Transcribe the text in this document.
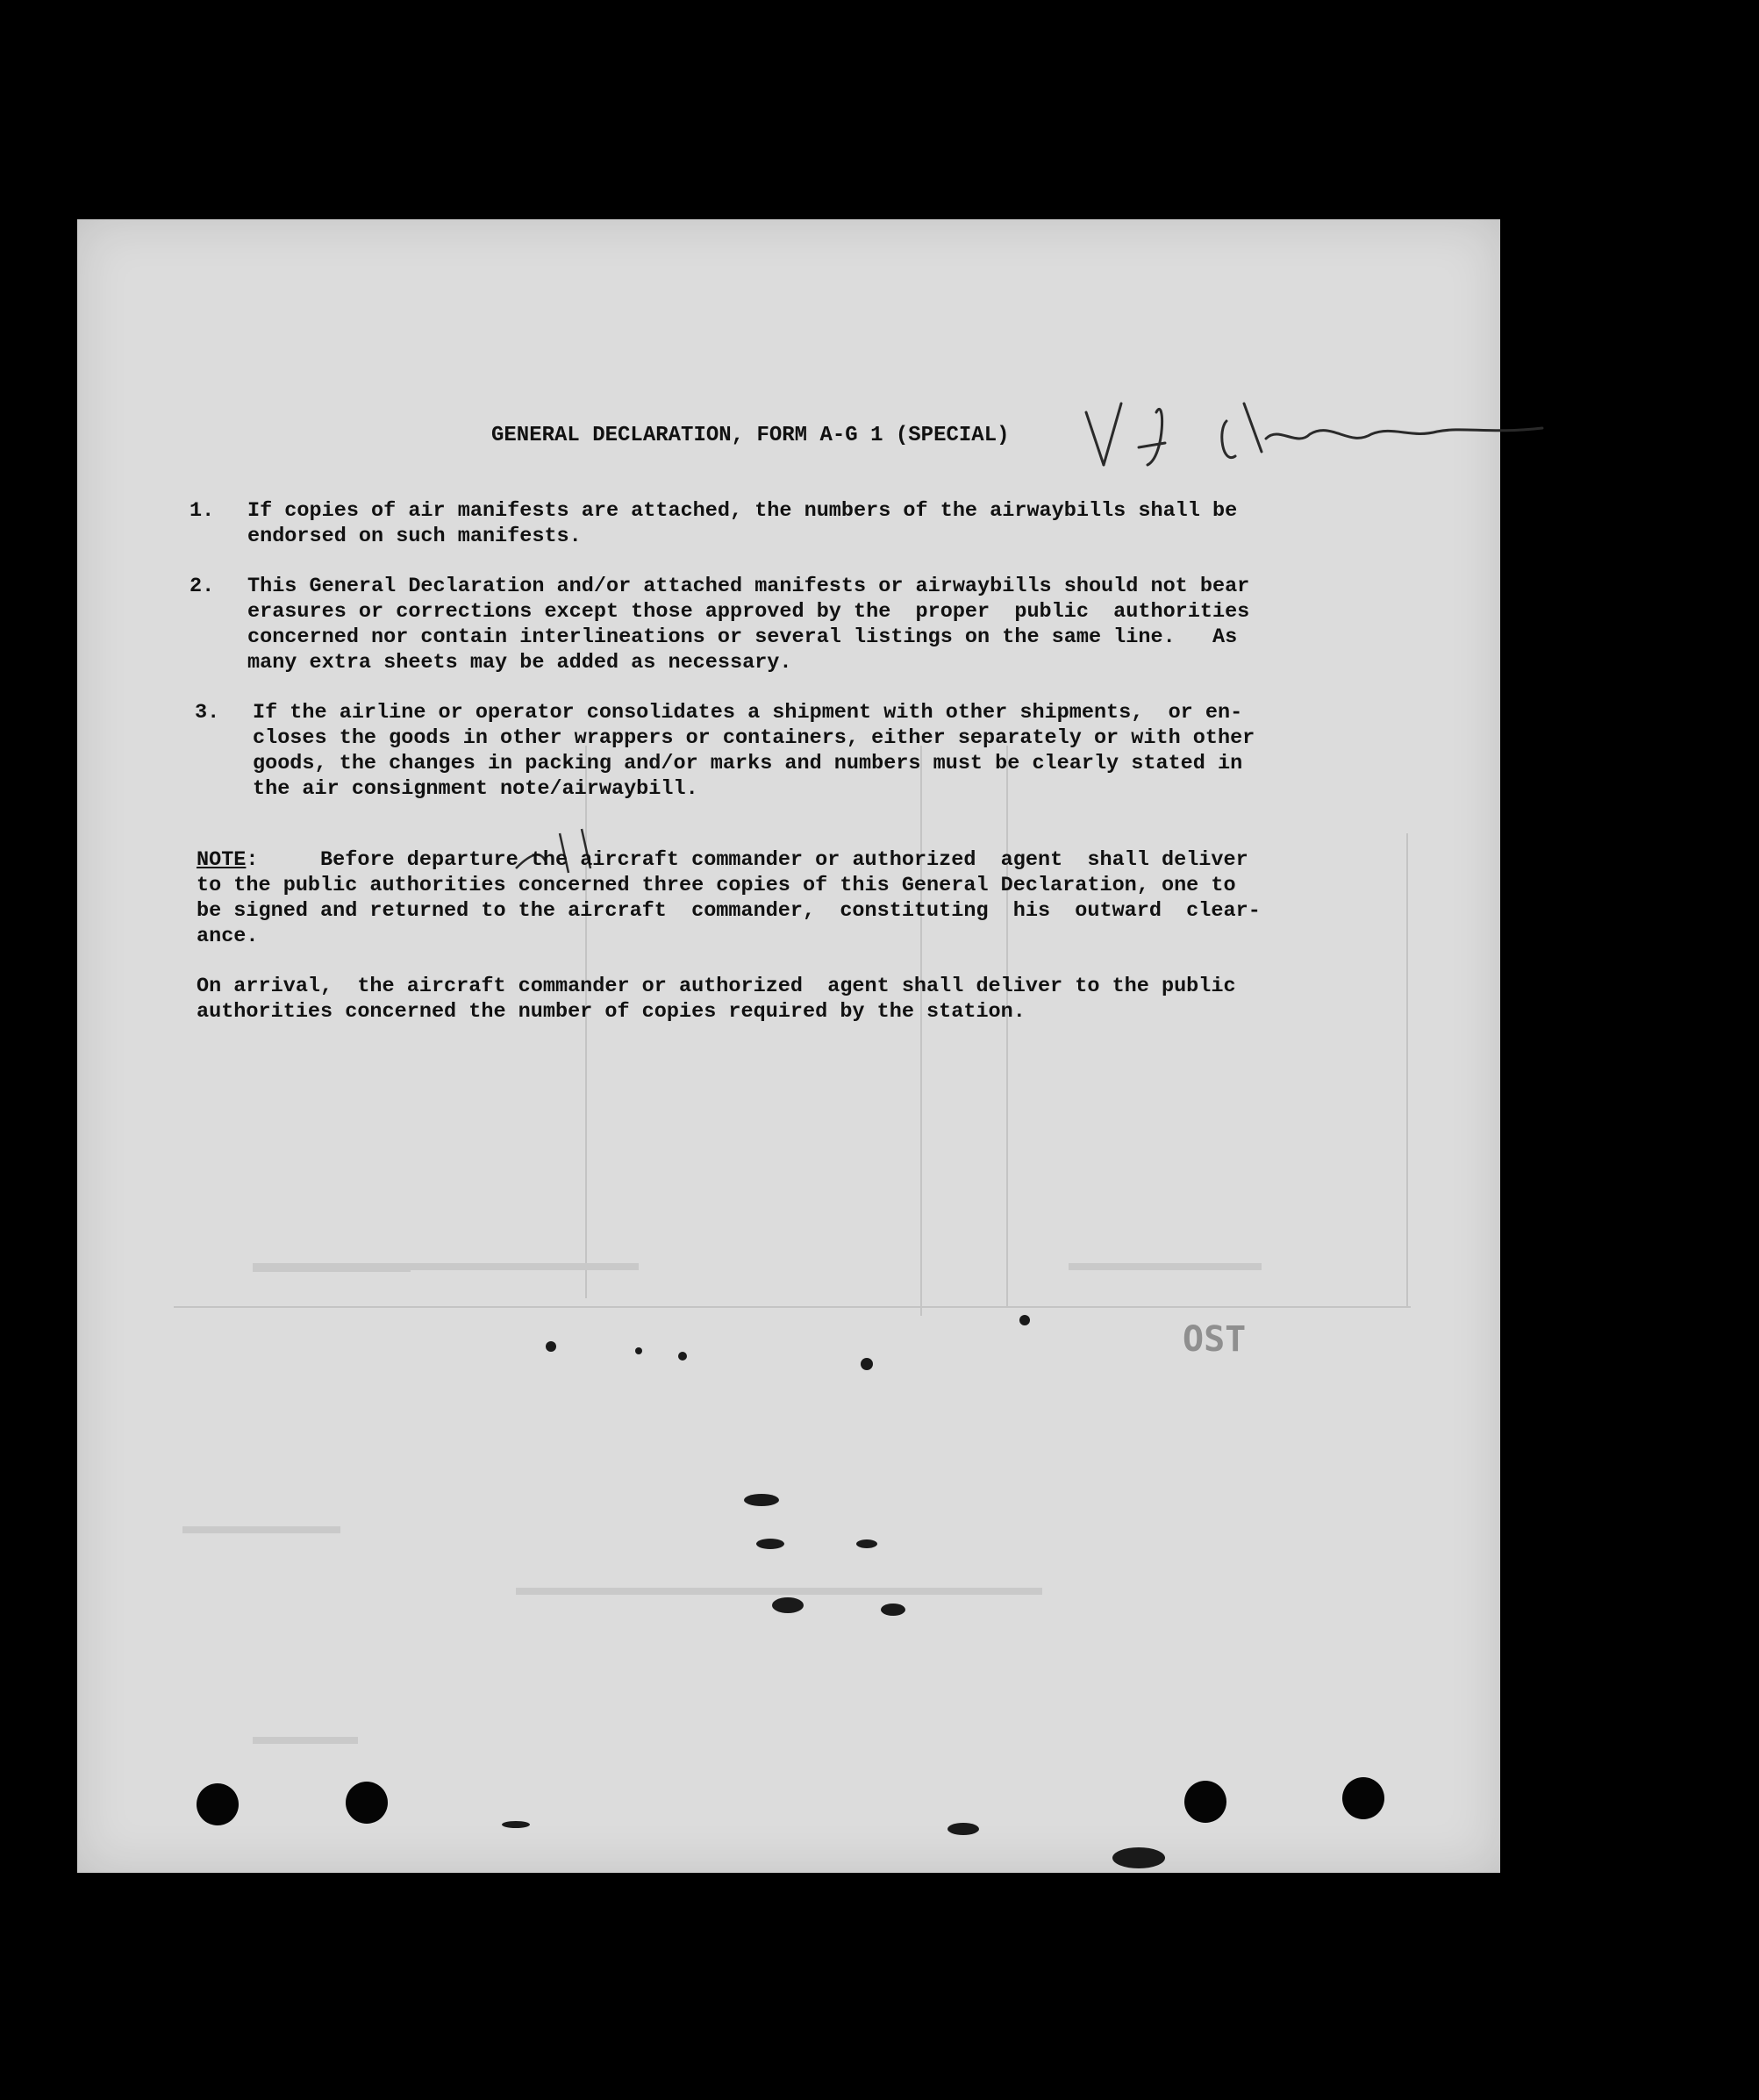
OST
GENERAL DECLARATION, FORM A-G 1 (SPECIAL)
1. If copies of air manifests are attached, the numbers of the airwaybills shall be
endorsed on such manifests.
2. This General Declaration and/or attached manifests or airwaybills should not bear
erasures or corrections except those approved by the  proper  public  authorities
concerned nor contain interlineations or several listings on the same line.   As
many extra sheets may be added as necessary.
3. If the airline or operator consolidates a shipment with other shipments,  or en-
closes the goods in other wrappers or containers, either separately or with other
goods, the changes in packing and/or marks and numbers must be clearly stated in
the air consignment note/airwaybill.
NOTE:     Before departure the aircraft commander or authorized  agent  shall deliver
to the public authorities concerned three copies of this General Declaration, one to
be signed and returned to the aircraft  commander,  constituting  his  outward  clear-
ance.
On arrival,  the aircraft commander or authorized  agent shall deliver to the public
authorities concerned the number of copies required by the station.
